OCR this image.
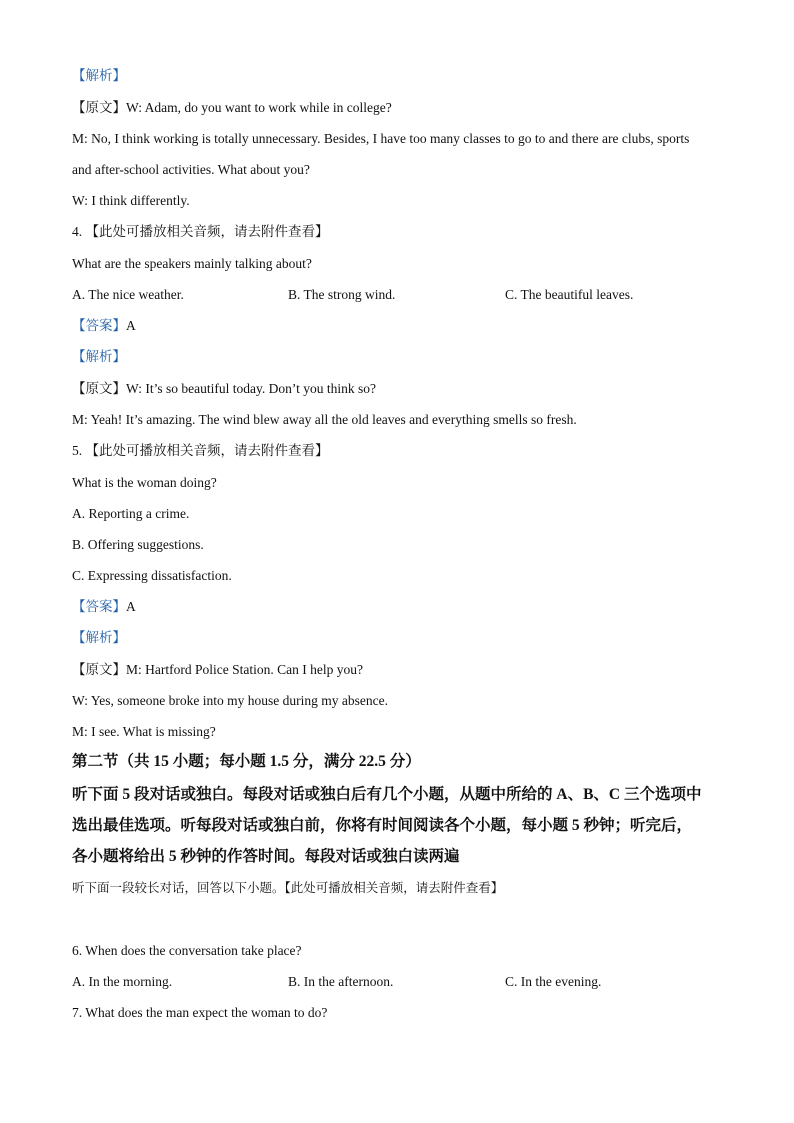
【解析】
【原文】W: Adam, do you want to work while in college?
M: No, I think working is totally unnecessary. Besides, I have too many classes to go to and there are clubs, sports
and after-school activities. What about you?
W: I think differently.
4. 【此处可播放相关音频，请去附件查看】
What are the speakers mainly talking about?
A. The nice weather.	B. The strong wind.	C. The beautiful leaves.
【答案】A
【解析】
【原文】W: It’s so beautiful today. Don’t you think so?
M: Yeah! It’s amazing. The wind blew away all the old leaves and everything smells so fresh.
5. 【此处可播放相关音频，请去附件查看】
What is the woman doing?
A. Reporting a crime.
B. Offering suggestions.
C. Expressing dissatisfaction.
【答案】A
【解析】
【原文】M: Hartford Police Station. Can I help you?
W: Yes, someone broke into my house during my absence.
M: I see. What is missing?
第二节（共 15 小题；每小题 1.5 分，满分 22.5 分）
听下面 5 段对话或独白。每段对话或独白后有几个小题，从题中所给的 A、B、C 三个选项中
选出最佳选项。听每段对话或独白前，你将有时间阅读各个小题，每小题 5 秒钟；听完后，
各小题将给出 5 秒钟的作答时间。每段对话或独白读两遍
听下面一段较长对话，回答以下小题。【此处可播放相关音频，请去附件查看】
6. When does the conversation take place?
A. In the morning.	B. In the afternoon.	C. In the evening.
7. What does the man expect the woman to do?
